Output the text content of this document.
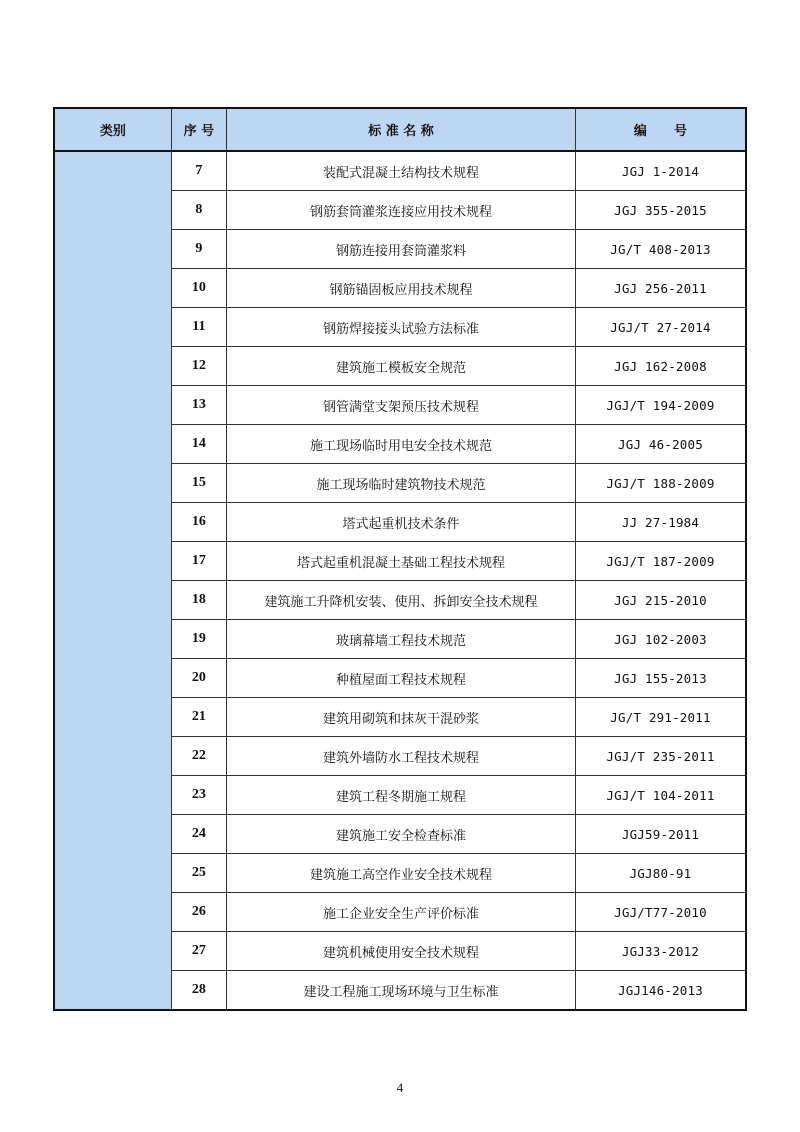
类别	序 号	标 准 名 称	编      号
	7	装配式混凝土结构技术规程	JGJ 1-2014
	8	钢筋套筒灌浆连接应用技术规程	JGJ 355-2015
	9	钢筋连接用套筒灌浆料	JG/T 408-2013
	10	钢筋锚固板应用技术规程	JGJ 256-2011
	11	钢筋焊接接头试验方法标准	JGJ/T 27-2014
	12	建筑施工模板安全规范	JGJ 162-2008
	13	钢管满堂支架预压技术规程	JGJ/T 194-2009
	14	施工现场临时用电安全技术规范	JGJ 46-2005
	15	施工现场临时建筑物技术规范	JGJ/T 188-2009
	16	塔式起重机技术条件	JJ 27-1984
	17	塔式起重机混凝土基础工程技术规程	JGJ/T 187-2009
	18	建筑施工升降机安装、使用、拆卸安全技术规程	JGJ 215-2010
	19	玻璃幕墙工程技术规范	JGJ 102-2003
	20	种植屋面工程技术规程	JGJ 155-2013
	21	建筑用砌筑和抹灰干混砂浆	JG/T 291-2011
	22	建筑外墙防水工程技术规程	JGJ/T 235-2011
	23	建筑工程冬期施工规程	JGJ/T 104-2011
	24	建筑施工安全检查标准	JGJ59-2011
	25	建筑施工高空作业安全技术规程	JGJ80-91
	26	施工企业安全生产评价标准	JGJ/T77-2010
	27	建筑机械使用安全技术规程	JGJ33-2012
	28	建设工程施工现场环境与卫生标准	JGJ146-2013
4
